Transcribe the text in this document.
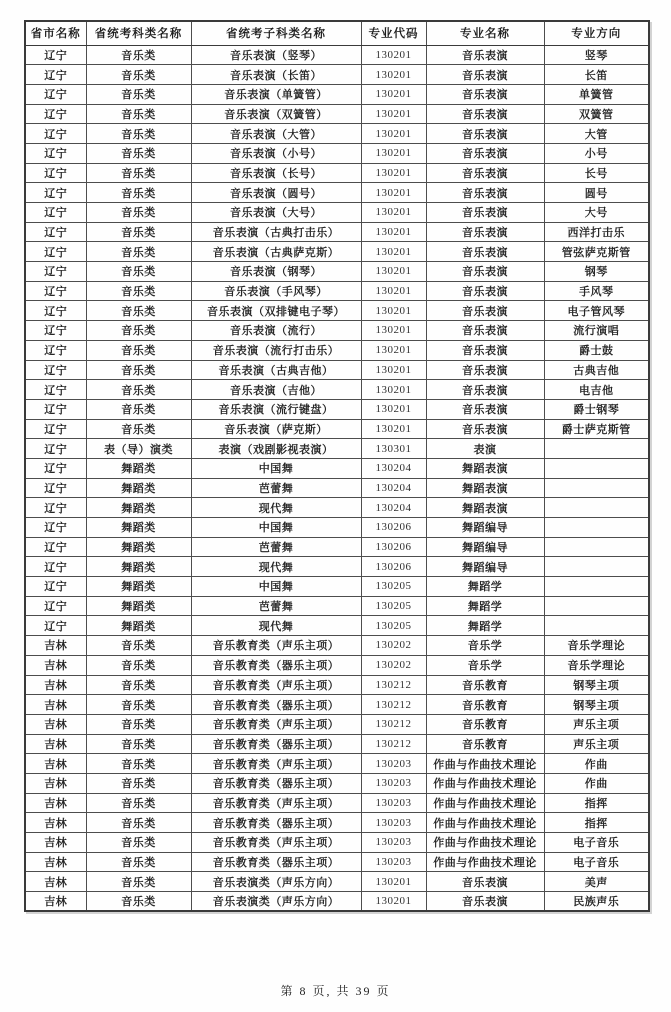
省市名称	省统考科类名称	省统考子科类名称	专业代码	专业名称	专业方向
辽宁	音乐类	音乐表演（竖琴）	130201	音乐表演	竖琴
辽宁	音乐类	音乐表演（长笛）	130201	音乐表演	长笛
辽宁	音乐类	音乐表演（单簧管）	130201	音乐表演	单簧管
辽宁	音乐类	音乐表演（双簧管）	130201	音乐表演	双簧管
辽宁	音乐类	音乐表演（大管）	130201	音乐表演	大管
辽宁	音乐类	音乐表演（小号）	130201	音乐表演	小号
辽宁	音乐类	音乐表演（长号）	130201	音乐表演	长号
辽宁	音乐类	音乐表演（圆号）	130201	音乐表演	圆号
辽宁	音乐类	音乐表演（大号）	130201	音乐表演	大号
辽宁	音乐类	音乐表演（古典打击乐）	130201	音乐表演	西洋打击乐
辽宁	音乐类	音乐表演（古典萨克斯）	130201	音乐表演	管弦萨克斯管
辽宁	音乐类	音乐表演（钢琴）	130201	音乐表演	钢琴
辽宁	音乐类	音乐表演（手风琴）	130201	音乐表演	手风琴
辽宁	音乐类	音乐表演（双排键电子琴）	130201	音乐表演	电子管风琴
辽宁	音乐类	音乐表演（流行）	130201	音乐表演	流行演唱
辽宁	音乐类	音乐表演（流行打击乐）	130201	音乐表演	爵士鼓
辽宁	音乐类	音乐表演（古典吉他）	130201	音乐表演	古典吉他
辽宁	音乐类	音乐表演（吉他）	130201	音乐表演	电吉他
辽宁	音乐类	音乐表演（流行键盘）	130201	音乐表演	爵士钢琴
辽宁	音乐类	音乐表演（萨克斯）	130201	音乐表演	爵士萨克斯管
辽宁	表（导）演类	表演（戏剧影视表演）	130301	表演	
辽宁	舞蹈类	中国舞	130204	舞蹈表演	
辽宁	舞蹈类	芭蕾舞	130204	舞蹈表演	
辽宁	舞蹈类	现代舞	130204	舞蹈表演	
辽宁	舞蹈类	中国舞	130206	舞蹈编导	
辽宁	舞蹈类	芭蕾舞	130206	舞蹈编导	
辽宁	舞蹈类	现代舞	130206	舞蹈编导	
辽宁	舞蹈类	中国舞	130205	舞蹈学	
辽宁	舞蹈类	芭蕾舞	130205	舞蹈学	
辽宁	舞蹈类	现代舞	130205	舞蹈学	
吉林	音乐类	音乐教育类（声乐主项）	130202	音乐学	音乐学理论
吉林	音乐类	音乐教育类（器乐主项）	130202	音乐学	音乐学理论
吉林	音乐类	音乐教育类（声乐主项）	130212	音乐教育	钢琴主项
吉林	音乐类	音乐教育类（器乐主项）	130212	音乐教育	钢琴主项
吉林	音乐类	音乐教育类（声乐主项）	130212	音乐教育	声乐主项
吉林	音乐类	音乐教育类（器乐主项）	130212	音乐教育	声乐主项
吉林	音乐类	音乐教育类（声乐主项）	130203	作曲与作曲技术理论	作曲
吉林	音乐类	音乐教育类（器乐主项）	130203	作曲与作曲技术理论	作曲
吉林	音乐类	音乐教育类（声乐主项）	130203	作曲与作曲技术理论	指挥
吉林	音乐类	音乐教育类（器乐主项）	130203	作曲与作曲技术理论	指挥
吉林	音乐类	音乐教育类（声乐主项）	130203	作曲与作曲技术理论	电子音乐
吉林	音乐类	音乐教育类（器乐主项）	130203	作曲与作曲技术理论	电子音乐
吉林	音乐类	音乐表演类（声乐方向）	130201	音乐表演	美声
吉林	音乐类	音乐表演类（声乐方向）	130201	音乐表演	民族声乐
第 8 页, 共 39 页
